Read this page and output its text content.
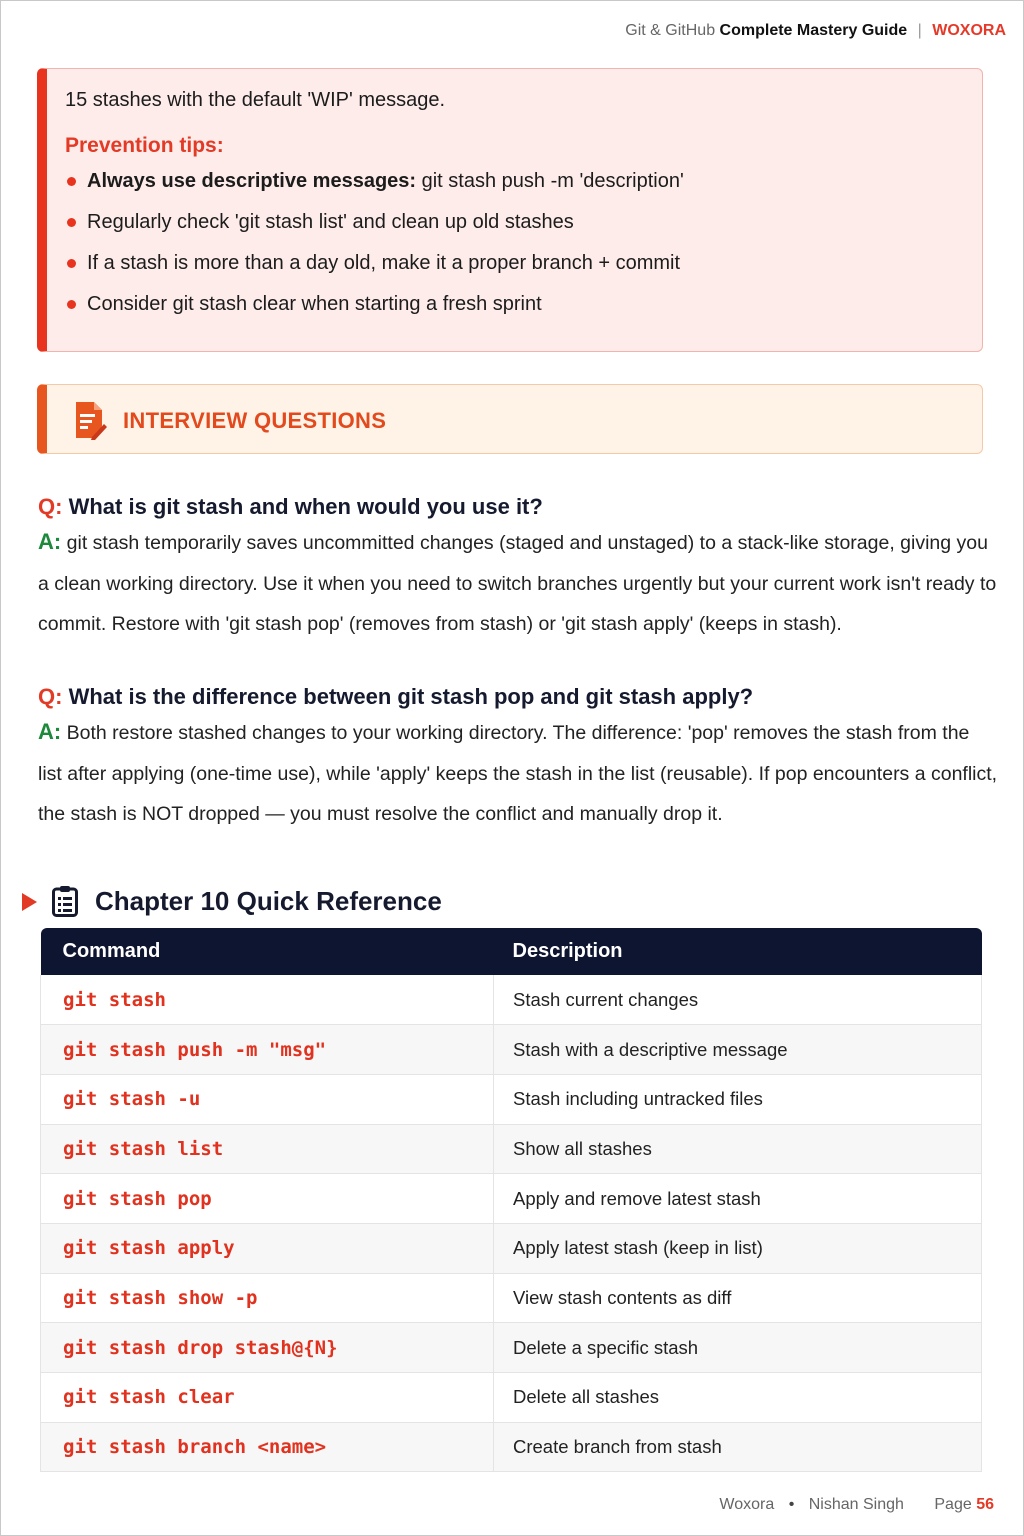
Git & GitHub Complete Mastery Guide | WOXORA
15 stashes with the default 'WIP' message.
Prevention tips:
Always use descriptive messages: git stash push -m 'description'
Regularly check 'git stash list' and clean up old stashes
If a stash is more than a day old, make it a proper branch + commit
Consider git stash clear when starting a fresh sprint
INTERVIEW QUESTIONS
Q: What is git stash and when would you use it?
A: git stash temporarily saves uncommitted changes (staged and unstaged) to a stack-like storage, giving you a clean working directory. Use it when you need to switch branches urgently but your current work isn't ready to commit. Restore with 'git stash pop' (removes from stash) or 'git stash apply' (keeps in stash).
Q: What is the difference between git stash pop and git stash apply?
A: Both restore stashed changes to your working directory. The difference: 'pop' removes the stash from the list after applying (one-time use), while 'apply' keeps the stash in the list (reusable). If pop encounters a conflict, the stash is NOT dropped — you must resolve the conflict and manually drop it.
Chapter 10 Quick Reference
Command	Description
git stash	Stash current changes
git stash push -m "msg"	Stash with a descriptive message
git stash -u	Stash including untracked files
git stash list	Show all stashes
git stash pop	Apply and remove latest stash
git stash apply	Apply latest stash (keep in list)
git stash show -p	View stash contents as diff
git stash drop stash@{N}	Delete a specific stash
git stash clear	Delete all stashes
git stash branch <name>	Create branch from stash
Woxora • Nishan Singh Page 56
